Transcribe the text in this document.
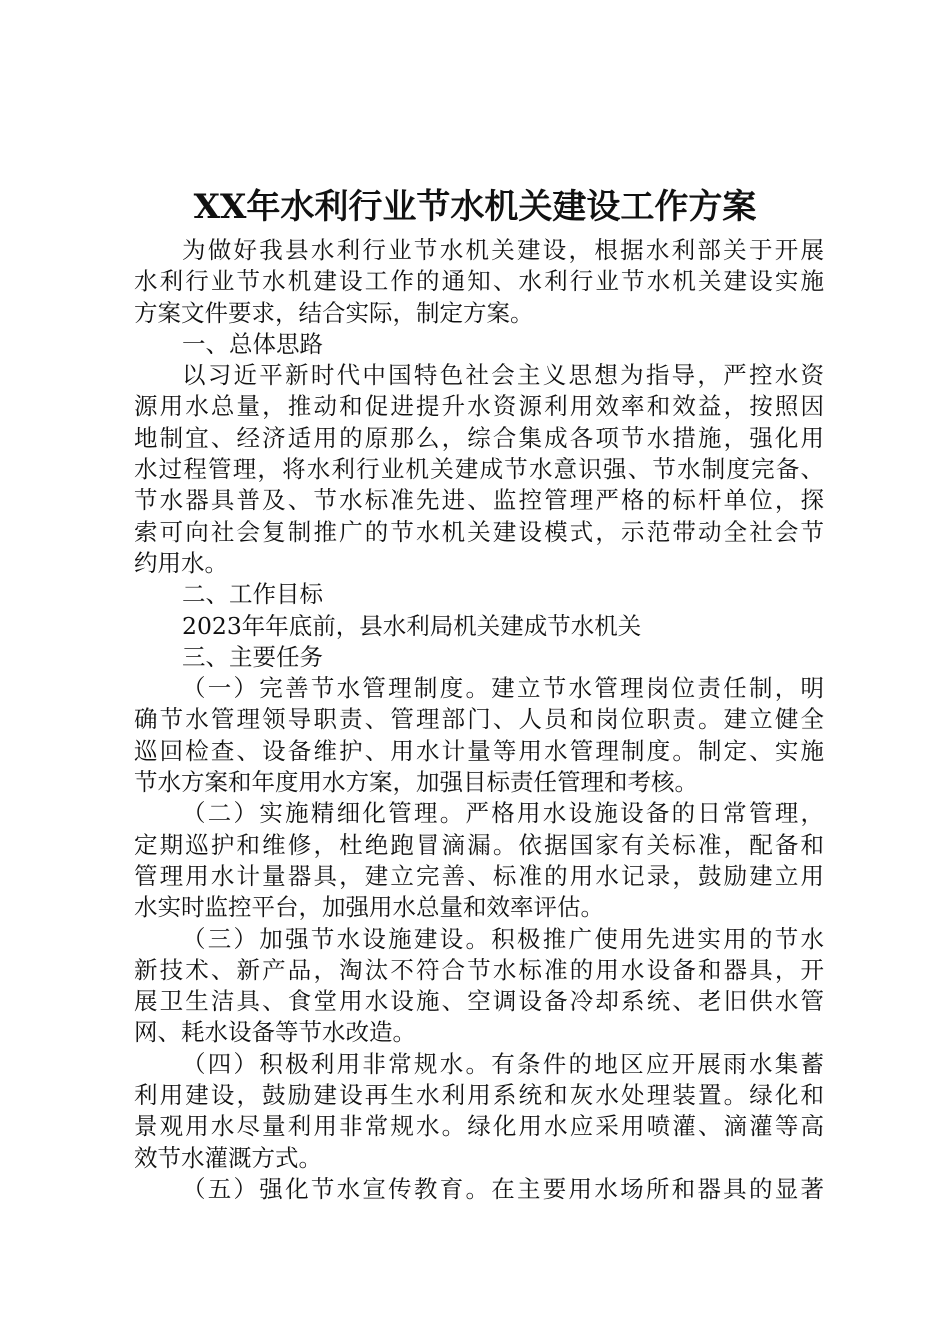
XX年水利行业节水机关建设工作方案
为做好我县水利行业节水机关建设，根据水利部关于开展
水利行业节水机建设工作的通知、水利行业节水机关建设实施
方案文件要求，结合实际，制定方案。
一、总体思路
以习近平新时代中国特色社会主义思想为指导，严控水资
源用水总量，推动和促进提升水资源利用效率和效益，按照因
地制宜、经济适用的原那么，综合集成各项节水措施，强化用
水过程管理，将水利行业机关建成节水意识强、节水制度完备、
节水器具普及、节水标准先进、监控管理严格的标杆单位，探
索可向社会复制推广的节水机关建设模式，示范带动全社会节
约用水。
二、工作目标
2023年年底前，县水利局机关建成节水机关
三、主要任务
（一）完善节水管理制度。建立节水管理岗位责任制，明
确节水管理领导职责、管理部门、人员和岗位职责。建立健全
巡回检查、设备维护、用水计量等用水管理制度。制定、实施
节水方案和年度用水方案，加强目标责任管理和考核。
（二）实施精细化管理。严格用水设施设备的日常管理，
定期巡护和维修，杜绝跑冒滴漏。依据国家有关标准，配备和
管理用水计量器具，建立完善、标准的用水记录，鼓励建立用
水实时监控平台，加强用水总量和效率评估。
（三）加强节水设施建设。积极推广使用先进实用的节水
新技术、新产品，淘汰不符合节水标准的用水设备和器具，开
展卫生洁具、食堂用水设施、空调设备冷却系统、老旧供水管
网、耗水设备等节水改造。
（四）积极利用非常规水。有条件的地区应开展雨水集蓄
利用建设，鼓励建设再生水利用系统和灰水处理装置。绿化和
景观用水尽量利用非常规水。绿化用水应采用喷灌、滴灌等高
效节水灌溉方式。
（五）强化节水宣传教育。在主要用水场所和器具的显著
